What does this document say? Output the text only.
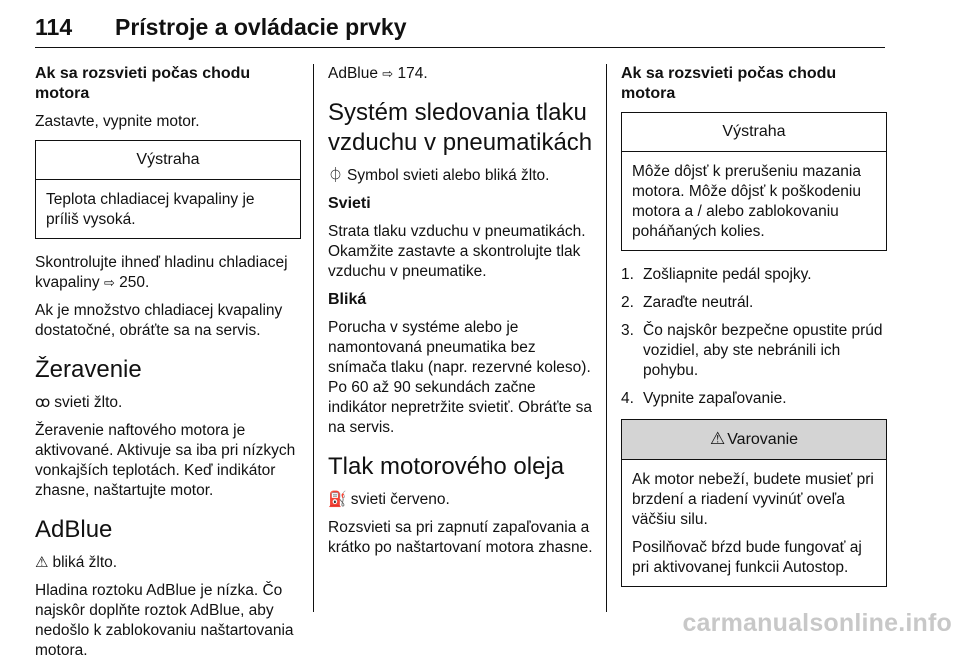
114 Prístroje a ovládacie prvky
Ak sa rozsvieti počas chodu motora

Zastavte, vypnite motor.

Výstraha

Teplota chladiacej kvapaliny je príliš vysoká.

Skontrolujte ihneď hladinu chladiacej kvapaliny ⇨ 250.

Ak je množstvo chladiacej kvapaliny dostatočné, obráťte sa na servis.

Žeravenie

ꝏ svieti žlto.

Žeravenie naftového motora je aktivované. Aktivuje sa iba pri nízkych vonkajších teplotách. Keď indikátor zhasne, naštartujte motor.

AdBlue

⚠ bliká žlto.

Hladina roztoku AdBlue je nízka. Čo najskôr doplňte roztok AdBlue, aby nedošlo k zablokovaniu naštartovania motora.

AdBlue ⇨ 174.

Systém sledovania tlaku vzduchu v pneumatikách

⏀ Symbol svieti alebo bliká žlto.

Svieti

Strata tlaku vzduchu v pneumatikách. Okamžite zastavte a skontrolujte tlak vzduchu v pneumatike.

Bliká

Porucha v systéme alebo je namontovaná pneumatika bez snímača tlaku (napr. rezervné koleso). Po 60 až 90 sekundách začne indikátor nepretržite svietiť. Obráťte sa na servis.

Tlak motorového oleja

⛽ svieti červeno.

Rozsvieti sa pri zapnutí zapaľovania a krátko po naštartovaní motora zhasne.

Ak sa rozsvieti počas chodu motora
Výstraha

Môže dôjsť k prerušeniu mazania motora. Môže dôjsť k poškodeniu motora a / alebo zablokovaniu poháňaných kolies.

1. Zošliapnite pedál spojky.
2. Zaraďte neutrál.
3. Čo najskôr bezpečne opustite prúd vozidiel, aby ste nebránili ich pohybu.
4. Vypnite zapaľovanie.
⚠ Varovanie

Ak motor nebeží, budete musieť pri brzdení a riadení vyvinúť oveľa väčšiu silu.

Posilňovač bŕzd bude fungovať aj pri aktivovanej funkcii Autostop.

carmanualsonline.info
